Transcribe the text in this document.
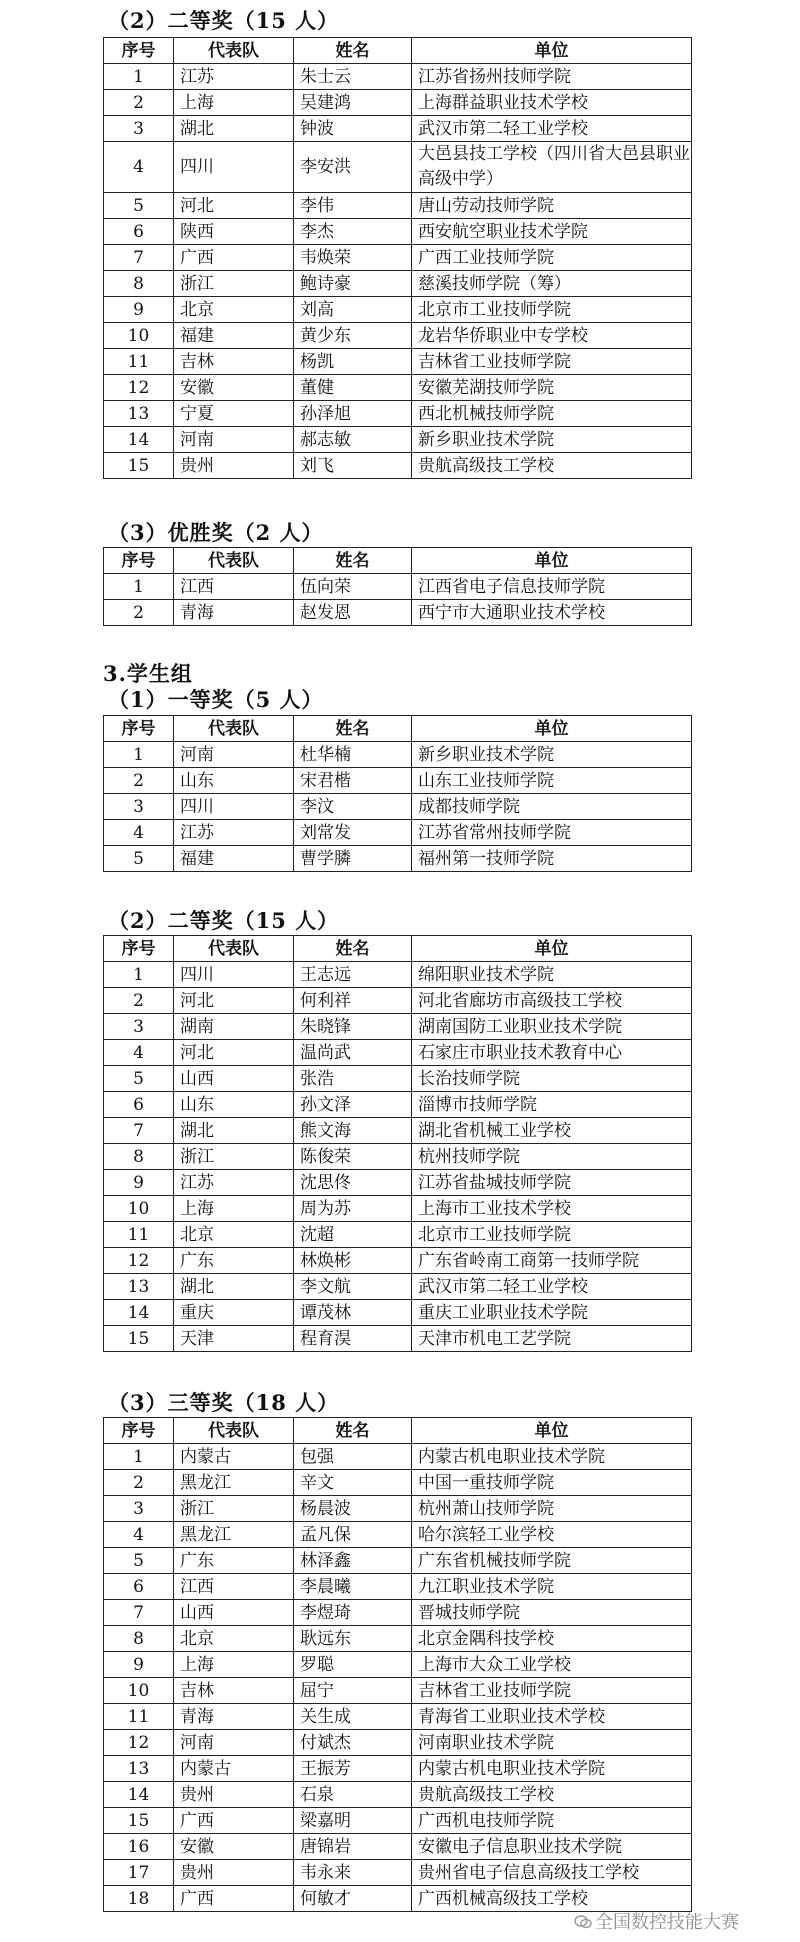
（2）二等奖（15 人）
序号	代表队	姓名	单位
1	江苏	朱士云	江苏省扬州技师学院
2	上海	吴建鸿	上海群益职业技术学校
3	湖北	钟波	武汉市第二轻工业学校
4	四川	李安洪	大邑县技工学校（四川省大邑县职业高级中学）
5	河北	李伟	唐山劳动技师学院
6	陕西	李杰	西安航空职业技术学院
7	广西	韦焕荣	广西工业技师学院
8	浙江	鲍诗豪	慈溪技师学院（筹）
9	北京	刘高	北京市工业技师学院
10	福建	黄少东	龙岩华侨职业中专学校
11	吉林	杨凯	吉林省工业技师学院
12	安徽	董健	安徽芜湖技师学院
13	宁夏	孙泽旭	西北机械技师学院
14	河南	郝志敏	新乡职业技术学院
15	贵州	刘飞	贵航高级技工学校
（3）优胜奖（2 人）
序号	代表队	姓名	单位
1	江西	伍向荣	江西省电子信息技师学院
2	青海	赵发恩	西宁市大通职业技术学校
3.学生组
（1）一等奖（5 人）
序号	代表队	姓名	单位
1	河南	杜华楠	新乡职业技术学院
2	山东	宋君楷	山东工业技师学院
3	四川	李汶	成都技师学院
4	江苏	刘常发	江苏省常州技师学院
5	福建	曹学膦	福州第一技师学院
（2）二等奖（15 人）
序号	代表队	姓名	单位
1	四川	王志远	绵阳职业技术学院
2	河北	何利祥	河北省廊坊市高级技工学校
3	湖南	朱晓锋	湖南国防工业职业技术学院
4	河北	温尚武	石家庄市职业技术教育中心
5	山西	张浩	长治技师学院
6	山东	孙文泽	淄博市技师学院
7	湖北	熊文海	湖北省机械工业学校
8	浙江	陈俊荣	杭州技师学院
9	江苏	沈思佟	江苏省盐城技师学院
10	上海	周为苏	上海市工业技术学校
11	北京	沈超	北京市工业技师学院
12	广东	林焕彬	广东省岭南工商第一技师学院
13	湖北	李文航	武汉市第二轻工业学校
14	重庆	谭茂林	重庆工业职业技术学院
15	天津	程育淏	天津市机电工艺学院
（3）三等奖（18 人）
序号	代表队	姓名	单位
1	内蒙古	包强	内蒙古机电职业技术学院
2	黑龙江	辛文	中国一重技师学院
3	浙江	杨晨波	杭州萧山技师学院
4	黑龙江	孟凡保	哈尔滨轻工业学校
5	广东	林泽鑫	广东省机械技师学院
6	江西	李晨曦	九江职业技术学院
7	山西	李煜琦	晋城技师学院
8	北京	耿远东	北京金隅科技学校
9	上海	罗聪	上海市大众工业学校
10	吉林	屈宁	吉林省工业技师学院
11	青海	关生成	青海省工业职业技术学校
12	河南	付斌杰	河南职业技术学院
13	内蒙古	王振芳	内蒙古机电职业技术学院
14	贵州	石泉	贵航高级技工学校
15	广西	梁嘉明	广西机电技师学院
16	安徽	唐锦岩	安徽电子信息职业技术学院
17	贵州	韦永来	贵州省电子信息高级技工学校
18	广西	何敏才	广西机械高级技工学校
全国数控技能大赛
